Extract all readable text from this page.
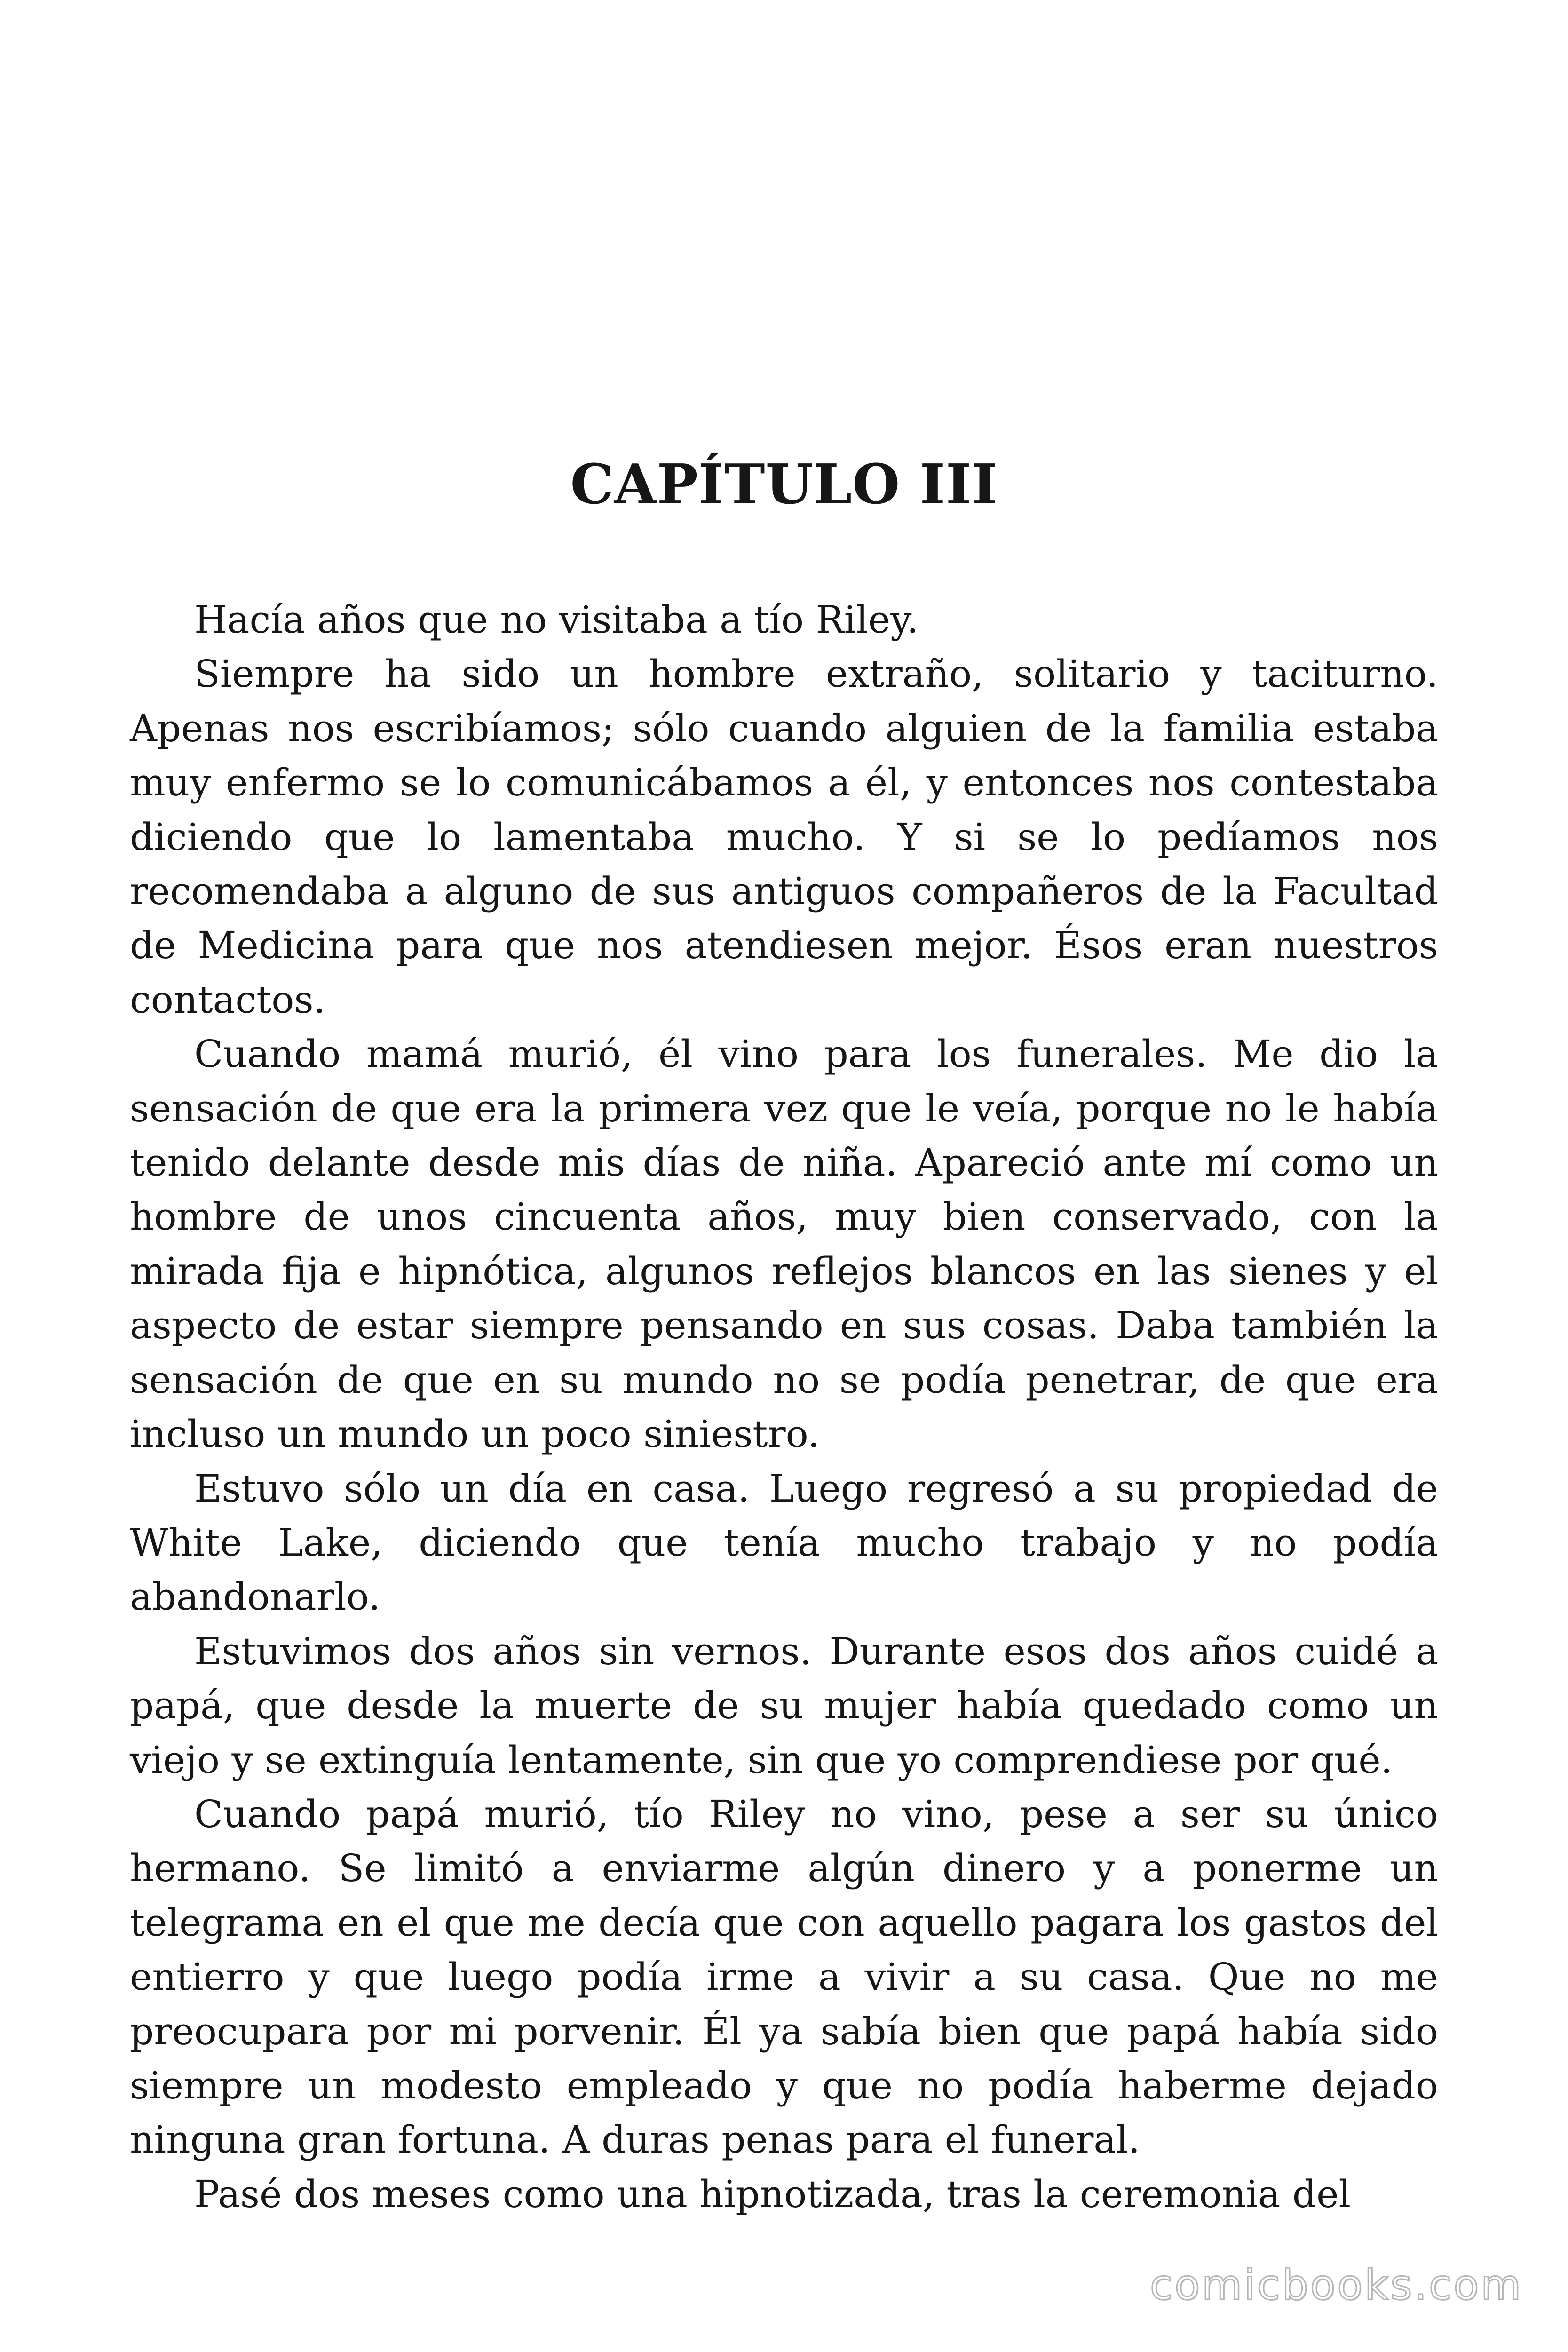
CAPÍTULO III

Hacía años que no visitaba a tío Riley.

Siempre ha sido un hombre extraño, solitario y taciturno. Apenas nos escribíamos; sólo cuando alguien de la familia estaba muy enfermo se lo comunicábamos a él, y entonces nos contestaba diciendo que lo lamentaba mucho. Y si se lo pedíamos nos recomendaba a alguno de sus antiguos compañeros de la Facultad de Medicina para que nos atendiesen mejor. Ésos eran nuestros contactos.

Cuando mamá murió, él vino para los funerales. Me dio la sensación de que era la primera vez que le veía, porque no le había tenido delante desde mis días de niña. Apareció ante mí como un hombre de unos cincuenta años, muy bien conservado, con la mirada fija e hipnótica, algunos reflejos blancos en las sienes y el aspecto de estar siempre pensando en sus cosas. Daba también la sensación de que en su mundo no se podía penetrar, de que era incluso un mundo un poco siniestro.

Estuvo sólo un día en casa. Luego regresó a su propiedad de White Lake, diciendo que tenía mucho trabajo y no podía abandonarlo.

Estuvimos dos años sin vernos. Durante esos dos años cuidé a papá, que desde la muerte de su mujer había quedado como un viejo y se extinguía lentamente, sin que yo comprendiese por qué.

Cuando papá murió, tío Riley no vino, pese a ser su único hermano. Se limitó a enviarme algún dinero y a ponerme un telegrama en el que me decía que con aquello pagara los gastos del entierro y que luego podía irme a vivir a su casa. Que no me preocupara por mi porvenir. Él ya sabía bien que papá había sido siempre un modesto empleado y que no podía haberme dejado ninguna gran fortuna. A duras penas para el funeral.

Pasé dos meses como una hipnotizada, tras la ceremonia del

comicbooks.com
